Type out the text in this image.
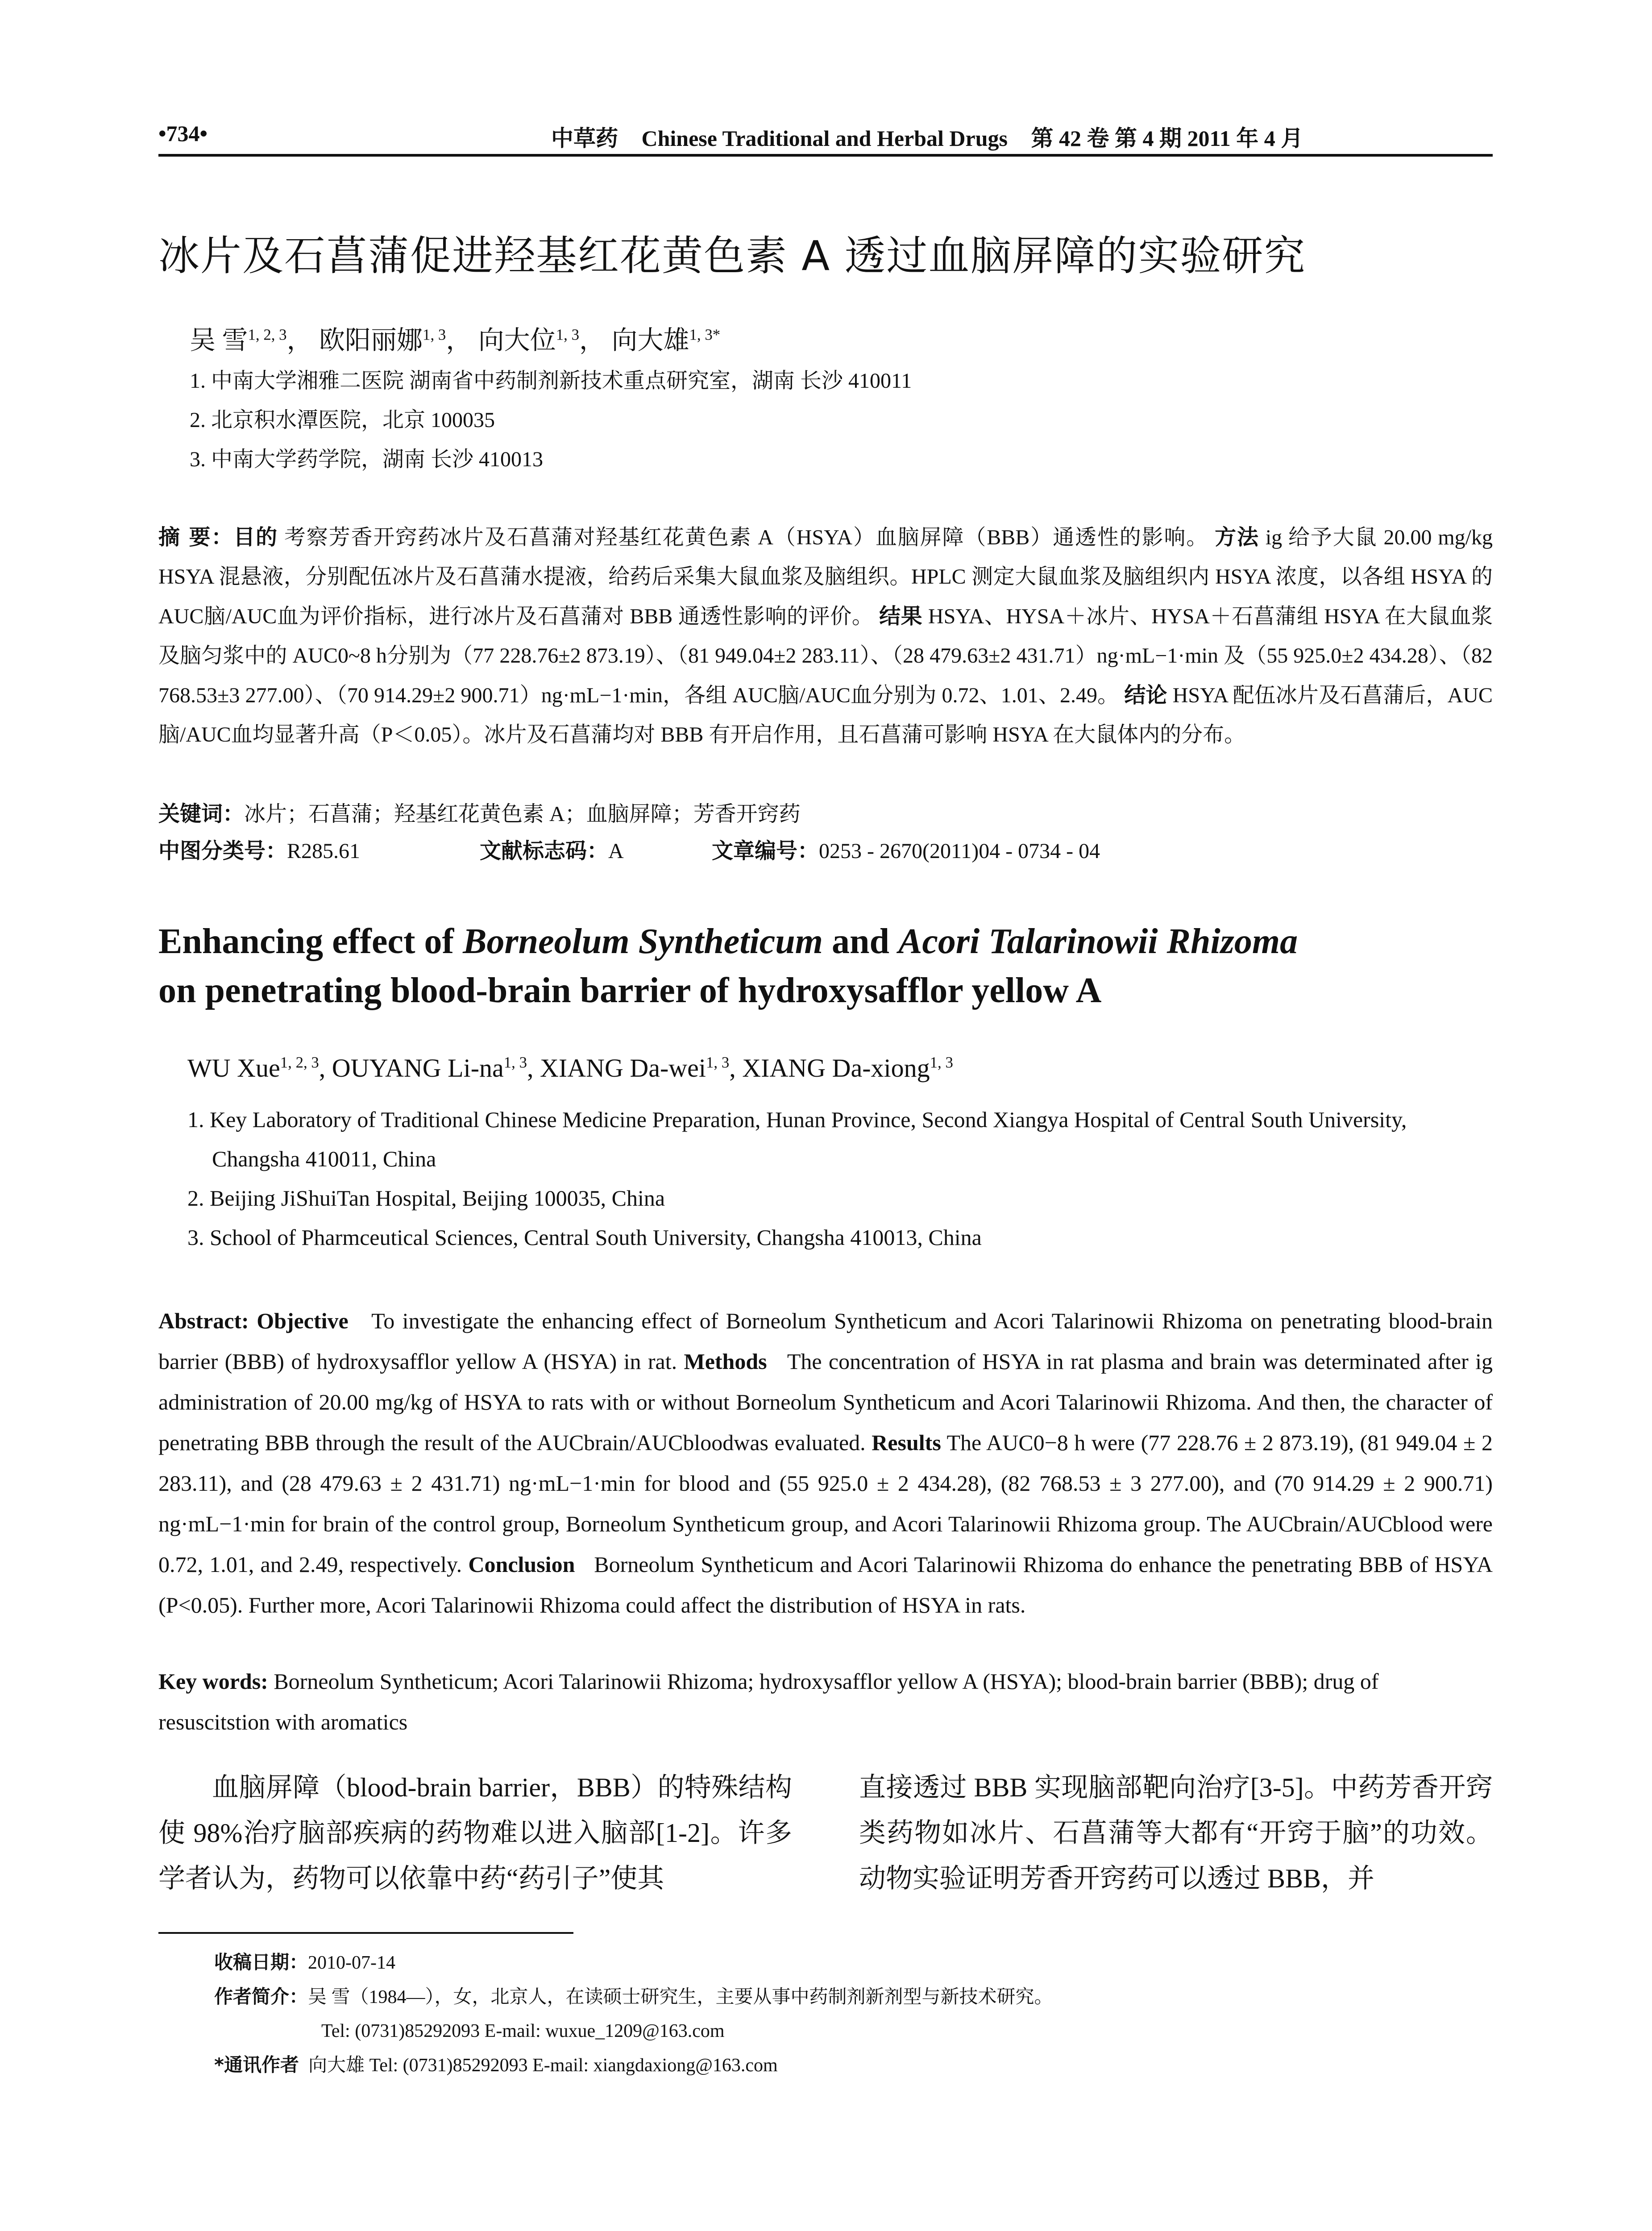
•734•	中草药 Chinese Traditional and Herbal Drugs 第 42 卷 第 4 期 2011 年 4 月
冰片及石菖蒲促进羟基红花黄色素 A 透过血脑屏障的实验研究
吴 雪$^{1, 2, 3}$， 欧阳丽娜$^{1, 3}$， 向大位$^{1, 3}$， 向大雄$^{1, 3*}$
1. 中南大学湘雅二医院 湖南省中药制剂新技术重点研究室，湖南 长沙 410011
2. 北京积水潭医院，北京 100035
3. 中南大学药学院，湖南 长沙 410013
摘 要：目的 考察芳香开窍药冰片及石菖蒲对羟基红花黄色素 A（HSYA）血脑屏障（BBB）通透性的影响。 方法 ig 给予大鼠 20.00 mg/kg HSYA 混悬液，分别配伍冰片及石菖蒲水提液，给药后采集大鼠血浆及脑组织。HPLC 测定大鼠血浆及脑组织内 HSYA 浓度，以各组 HSYA 的 AUC脑/AUC血为评价指标，进行冰片及石菖蒲对 BBB 通透性影响的评价。 结果 HSYA、HYSA＋冰片、HYSA＋石菖蒲组 HSYA 在大鼠血浆及脑匀浆中的 AUC0~8 h分别为（77 228.76±2 873.19）、（81 949.04±2 283.11）、（28 479.63±2 431.71）ng·mL−1·min 及（55 925.0±2 434.28）、（82 768.53±3 277.00）、（70 914.29±2 900.71）ng·mL−1·min，各组 AUC脑/AUC血分别为 0.72、1.01、2.49。 结论 HSYA 配伍冰片及石菖蒲后，AUC脑/AUC血均显著升高（P＜0.05）。冰片及石菖蒲均对 BBB 有开启作用，且石菖蒲可影响 HSYA 在大鼠体内的分布。
关键词：冰片；石菖蒲；羟基红花黄色素 A；血脑屏障；芳香开窍药
中图分类号：R285.61	文献标志码：A	文章编号：0253 - 2670(2011)04 - 0734 - 04
Enhancing effect of Borneolum Syntheticum and Acori Talarinowii Rhizoma
on penetrating blood-brain barrier of hydroxysafflor yellow A
WU Xue$^{1, 2, 3}$, OUYANG Li-na$^{1, 3}$, XIANG Da-wei$^{1, 3}$, XIANG Da-xiong$^{1, 3}$
1. Key Laboratory of Traditional Chinese Medicine Preparation, Hunan Province, Second Xiangya Hospital of Central South University, Changsha 410011, China
2. Beijing JiShuiTan Hospital, Beijing 100035, China
3. School of Pharmceutical Sciences, Central South University, Changsha 410013, China
Abstract: Objective To investigate the enhancing effect of Borneolum Syntheticum and Acori Talarinowii Rhizoma on penetrating blood-brain barrier (BBB) of hydroxysafflor yellow A (HSYA) in rat. Methods The concentration of HSYA in rat plasma and brain was determinated after ig administration of 20.00 mg/kg of HSYA to rats with or without Borneolum Syntheticum and Acori Talarinowii Rhizoma. And then, the character of penetrating BBB through the result of the AUCbrain/AUCbloodwas evaluated. Results The AUC0−8 h were (77 228.76 ± 2 873.19), (81 949.04 ± 2 283.11), and (28 479.63 ± 2 431.71) ng·mL−1·min for blood and (55 925.0 ± 2 434.28), (82 768.53 ± 3 277.00), and (70 914.29 ± 2 900.71) ng·mL−1·min for brain of the control group, Borneolum Syntheticum group, and Acori Talarinowii Rhizoma group. The AUCbrain/AUCblood were 0.72, 1.01, and 2.49, respectively. Conclusion Borneolum Syntheticum and Acori Talarinowii Rhizoma do enhance the penetrating BBB of HSYA (P<0.05). Further more, Acori Talarinowii Rhizoma could affect the distribution of HSYA in rats.
Key words: Borneolum Syntheticum; Acori Talarinowii Rhizoma; hydroxysafflor yellow A (HSYA); blood-brain barrier (BBB); drug of resuscitstion with aromatics
血脑屏障（blood-brain barrier，BBB）的特殊结构使 98%治疗脑部疾病的药物难以进入脑部[1-2]。许多学者认为，药物可以依靠中药“药引子”使其
直接透过 BBB 实现脑部靶向治疗[3-5]。中药芳香开窍类药物如冰片、石菖蒲等大都有“开窍于脑”的功效。动物实验证明芳香开窍药可以透过 BBB，并
收稿日期：2010-07-14
作者简介：吴 雪（1984—），女，北京人，在读硕士研究生，主要从事中药制剂新剂型与新技术研究。
Tel: (0731)85292093 E-mail: wuxue_1209@163.com
*通讯作者 向大雄 Tel: (0731)85292093 E-mail: xiangdaxiong@163.com
